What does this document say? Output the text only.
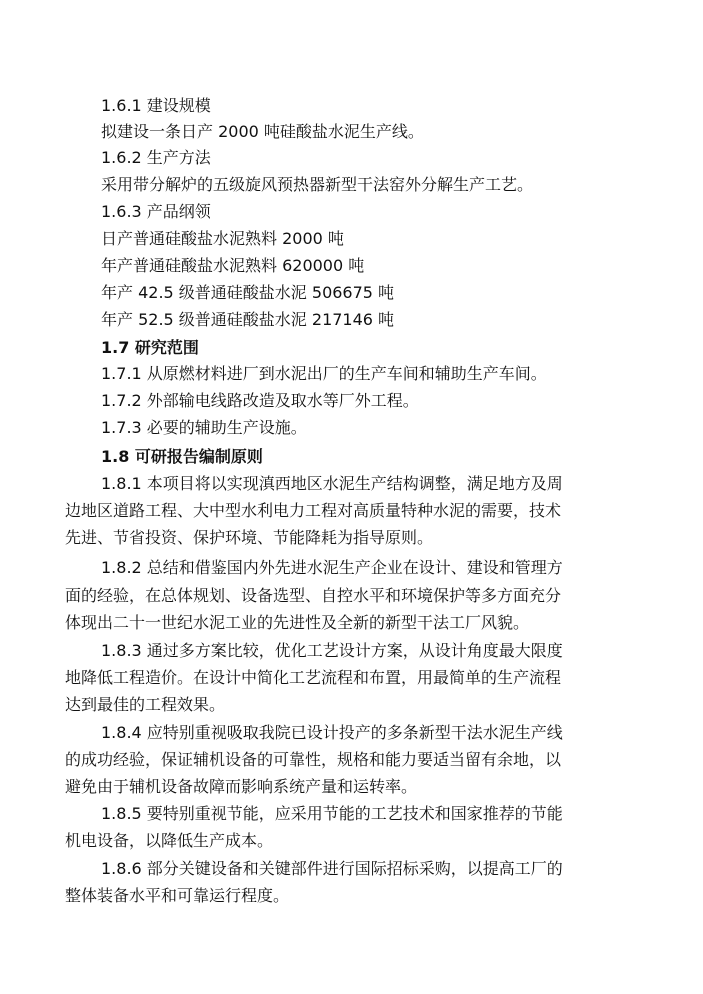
1.6.1 建设规模
拟建设一条日产 2000 吨硅酸盐水泥生产线。
1.6.2 生产方法
采用带分解炉的五级旋风预热器新型干法窑外分解生产工艺。
1.6.3 产品纲领
日产普通硅酸盐水泥熟料 2000 吨
年产普通硅酸盐水泥熟料 620000 吨
年产 42.5 级普通硅酸盐水泥 506675 吨
年产 52.5 级普通硅酸盐水泥 217146 吨
1.7 研究范围
1.7.1 从原燃材料进厂到水泥出厂的生产车间和辅助生产车间。
1.7.2 外部输电线路改造及取水等厂外工程。
1.7.3 必要的辅助生产设施。
1.8 可研报告编制原则
1.8.1 本项目将以实现滇西地区水泥生产结构调整，满足地方及周
边地区道路工程、大中型水利电力工程对高质量特种水泥的需要，技术
先进、节省投资、保护环境、节能降耗为指导原则。
1.8.2 总结和借鉴国内外先进水泥生产企业在设计、建设和管理方
面的经验，在总体规划、设备选型、自控水平和环境保护等多方面充分
体现出二十一世纪水泥工业的先进性及全新的新型干法工厂风貌。
1.8.3 通过多方案比较，优化工艺设计方案，从设计角度最大限度
地降低工程造价。在设计中简化工艺流程和布置，用最简单的生产流程
达到最佳的工程效果。
1.8.4 应特别重视吸取我院已设计投产的多条新型干法水泥生产线
的成功经验，保证辅机设备的可靠性，规格和能力要适当留有余地，以
避免由于辅机设备故障而影响系统产量和运转率。
1.8.5 要特别重视节能，应采用节能的工艺技术和国家推荐的节能
机电设备，以降低生产成本。
1.8.6 部分关键设备和关键部件进行国际招标采购，以提高工厂的
整体装备水平和可靠运行程度。
